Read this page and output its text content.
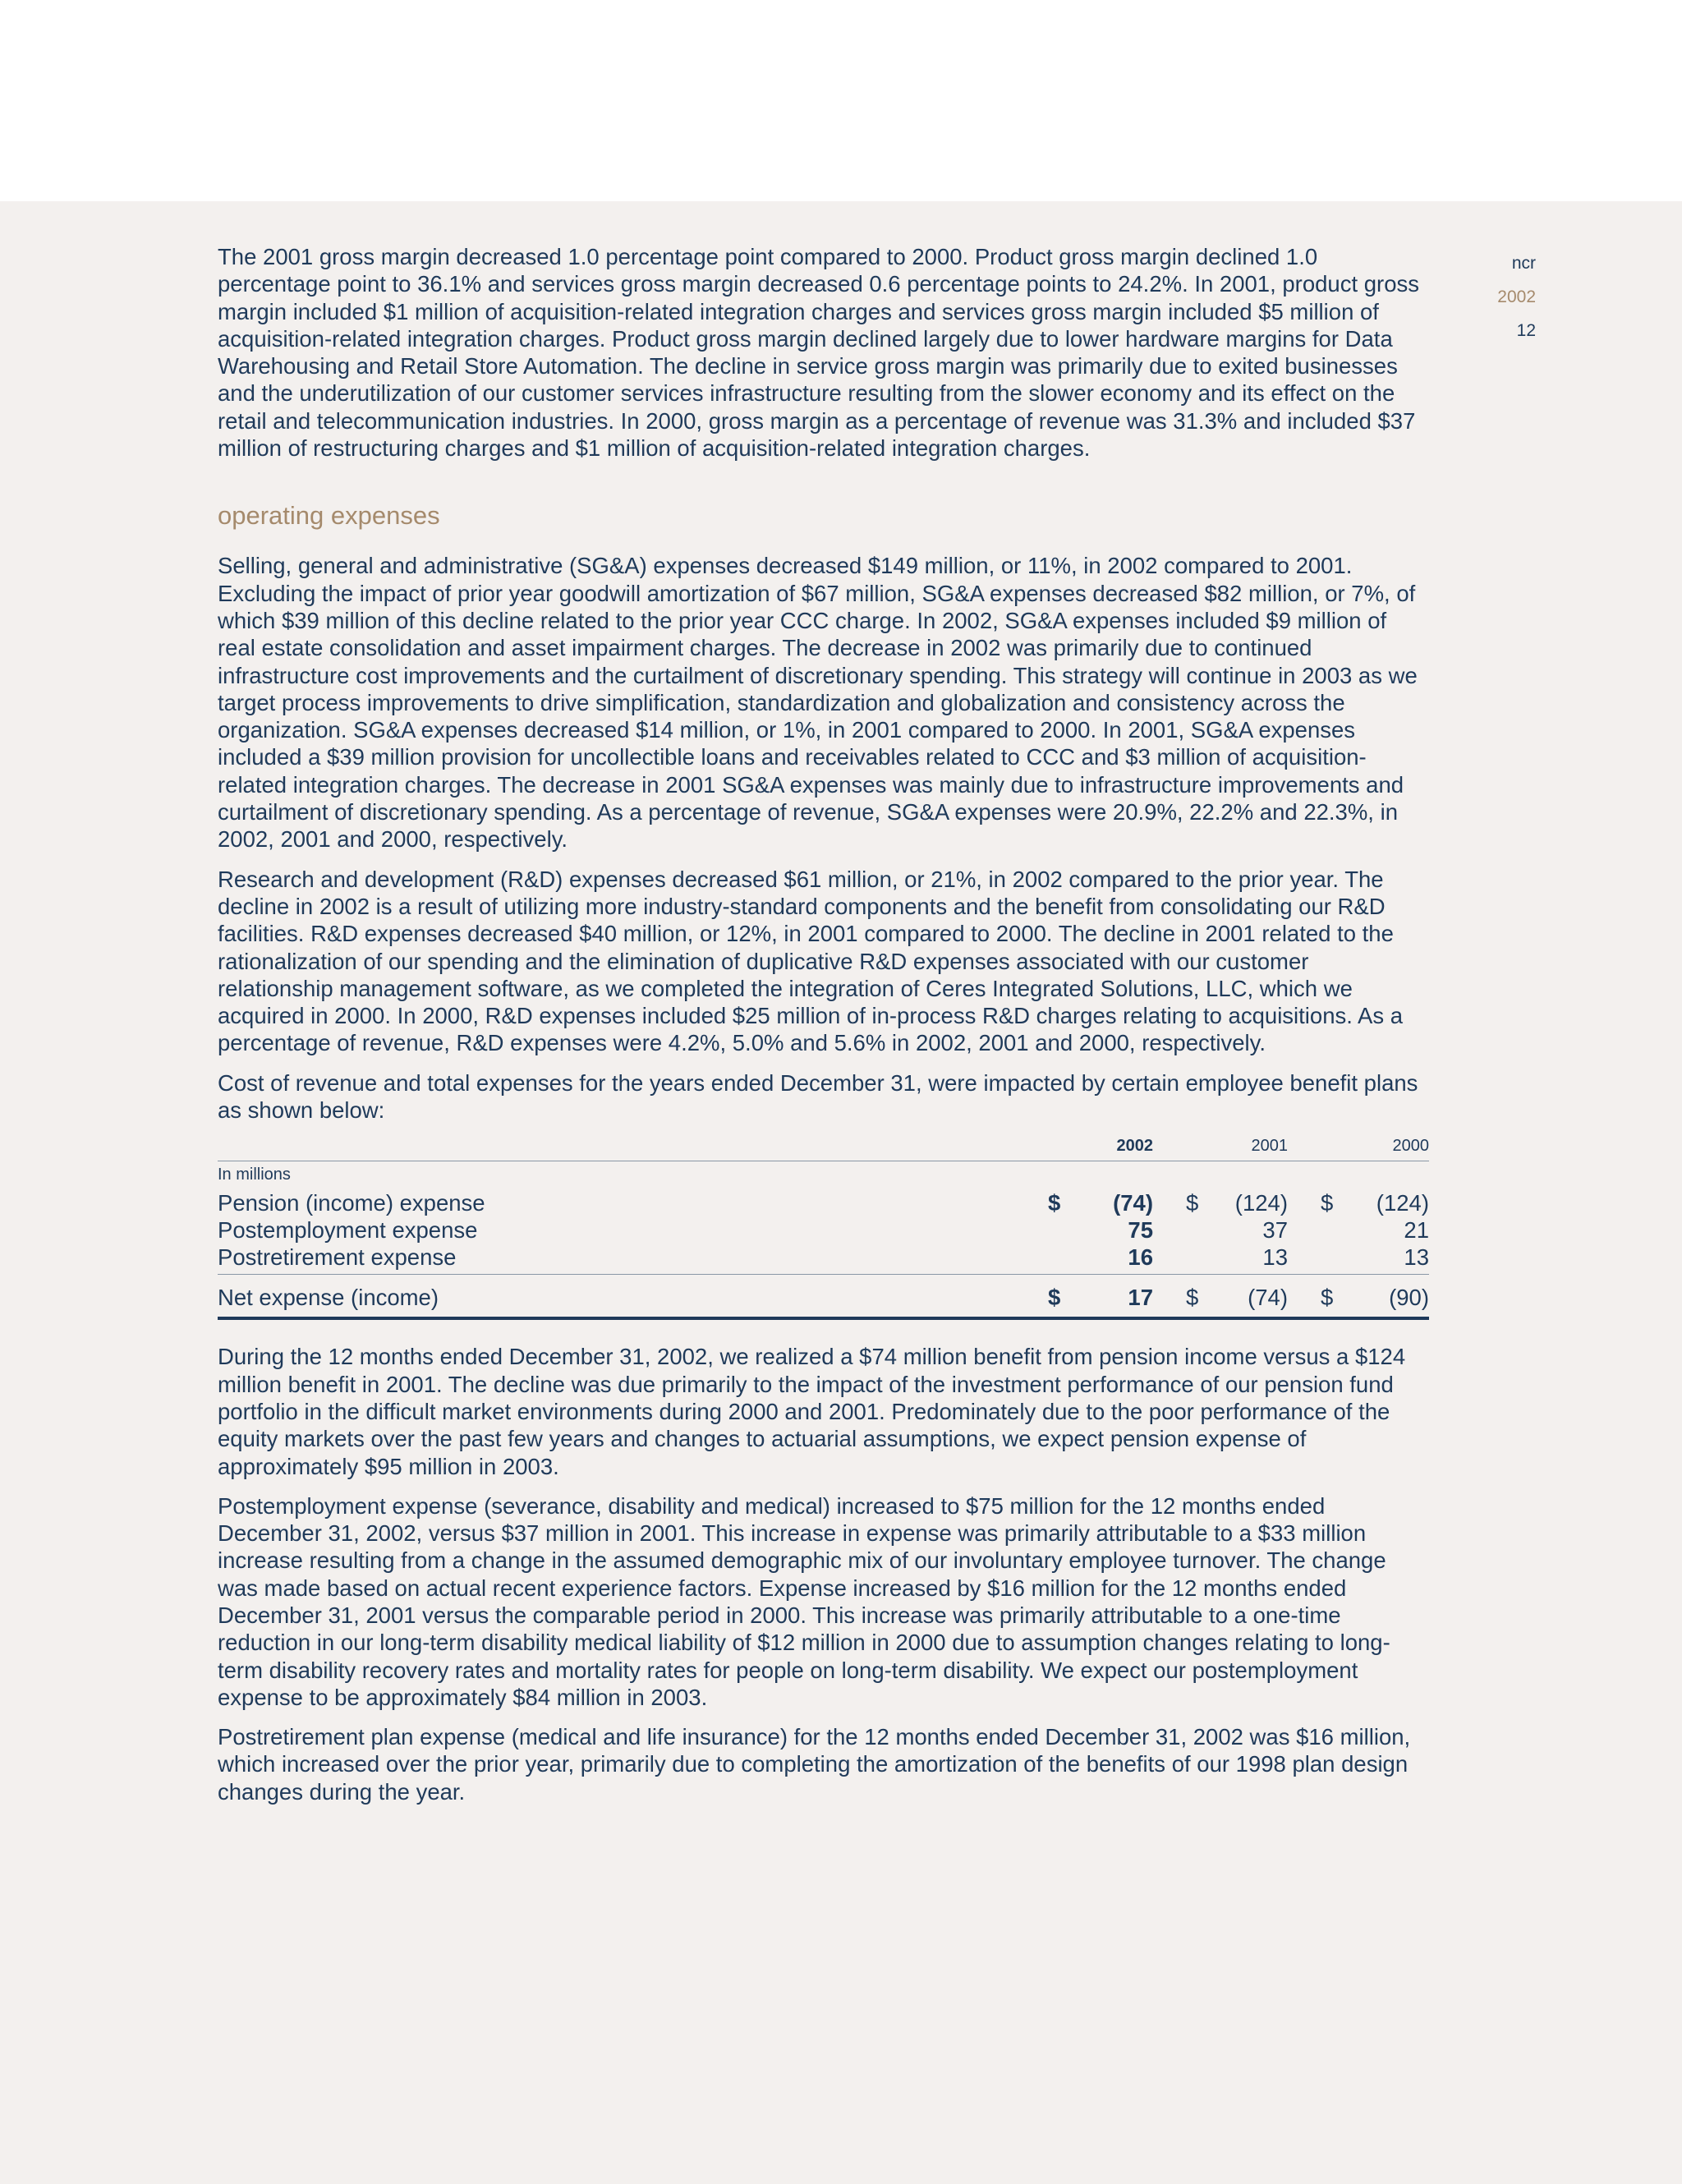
ncr
2002
12

The 2001 gross margin decreased 1.0 percentage point compared to 2000. Product gross margin declined 1.0 percentage point to 36.1% and services gross margin decreased 0.6 percentage points to 24.2%. In 2001, product gross margin included $1 million of acquisition-related integration charges and services gross margin included $5 million of acquisition-related integration charges. Product gross margin declined largely due to lower hardware margins for Data Warehousing and Retail Store Automation. The decline in service gross margin was primarily due to exited businesses and the underutilization of our customer services infrastructure resulting from the slower economy and its effect on the retail and telecommunication industries. In 2000, gross margin as a percentage of revenue was 31.3% and included $37 million of restructuring charges and $1 million of acquisition-related integration charges.

operating expenses

Selling, general and administrative (SG&A) expenses decreased $149 million, or 11%, in 2002 compared to 2001. Excluding the impact of prior year goodwill amortization of $67 million, SG&A expenses decreased $82 million, or 7%, of which $39 million of this decline related to the prior year CCC charge. In 2002, SG&A expenses included $9 million of real estate consolidation and asset impairment charges. The decrease in 2002 was primarily due to continued infrastructure cost improvements and the curtailment of discretionary spending. This strategy will continue in 2003 as we target process improvements to drive simplification, standardization and globalization and consistency across the organization. SG&A expenses decreased $14 million, or 1%, in 2001 compared to 2000. In 2001, SG&A expenses included a $39 million provision for uncollectible loans and receivables related to CCC and $3 million of acquisition-related integration charges. The decrease in 2001 SG&A expenses was mainly due to infrastructure improvements and curtailment of discretionary spending. As a percentage of revenue, SG&A expenses were 20.9%, 22.2% and 22.3%, in 2002, 2001 and 2000, respectively.

Research and development (R&D) expenses decreased $61 million, or 21%, in 2002 compared to the prior year. The decline in 2002 is a result of utilizing more industry-standard components and the benefit from consolidating our R&D facilities. R&D expenses decreased $40 million, or 12%, in 2001 compared to 2000. The decline in 2001 related to the rationalization of our spending and the elimination of duplicative R&D expenses associated with our customer relationship management software, as we completed the integration of Ceres Integrated Solutions, LLC, which we acquired in 2000. In 2000, R&D expenses included $25 million of in-process R&D charges relating to acquisitions. As a percentage of revenue, R&D expenses were 4.2%, 5.0% and 5.6% in 2002, 2001 and 2000, respectively.

Cost of revenue and total expenses for the years ended December 31, were impacted by certain employee benefit plans as shown below:

	2002	2001	2000
In millions			
Pension (income) expense	$ (74)	$ (124)	$ (124)
Postemployment expense	75	37	21
Postretirement expense	16	13	13
Net expense (income)	$ 17	$ (74)	$ (90)

During the 12 months ended December 31, 2002, we realized a $74 million benefit from pension income versus a $124 million benefit in 2001. The decline was due primarily to the impact of the investment performance of our pension fund portfolio in the difficult market environments during 2000 and 2001. Predominately due to the poor performance of the equity markets over the past few years and changes to actuarial assumptions, we expect pension expense of approximately $95 million in 2003.

Postemployment expense (severance, disability and medical) increased to $75 million for the 12 months ended December 31, 2002, versus $37 million in 2001. This increase in expense was primarily attributable to a $33 million increase resulting from a change in the assumed demographic mix of our involuntary employee turnover. The change was made based on actual recent experience factors. Expense increased by $16 million for the 12 months ended December 31, 2001 versus the comparable period in 2000. This increase was primarily attributable to a one-time reduction in our long-term disability medical liability of $12 million in 2000 due to assumption changes relating to long-term disability recovery rates and mortality rates for people on long-term disability. We expect our postemployment expense to be approximately $84 million in 2003.

Postretirement plan expense (medical and life insurance) for the 12 months ended December 31, 2002 was $16 million, which increased over the prior year, primarily due to completing the amortization of the benefits of our 1998 plan design changes during the year.
